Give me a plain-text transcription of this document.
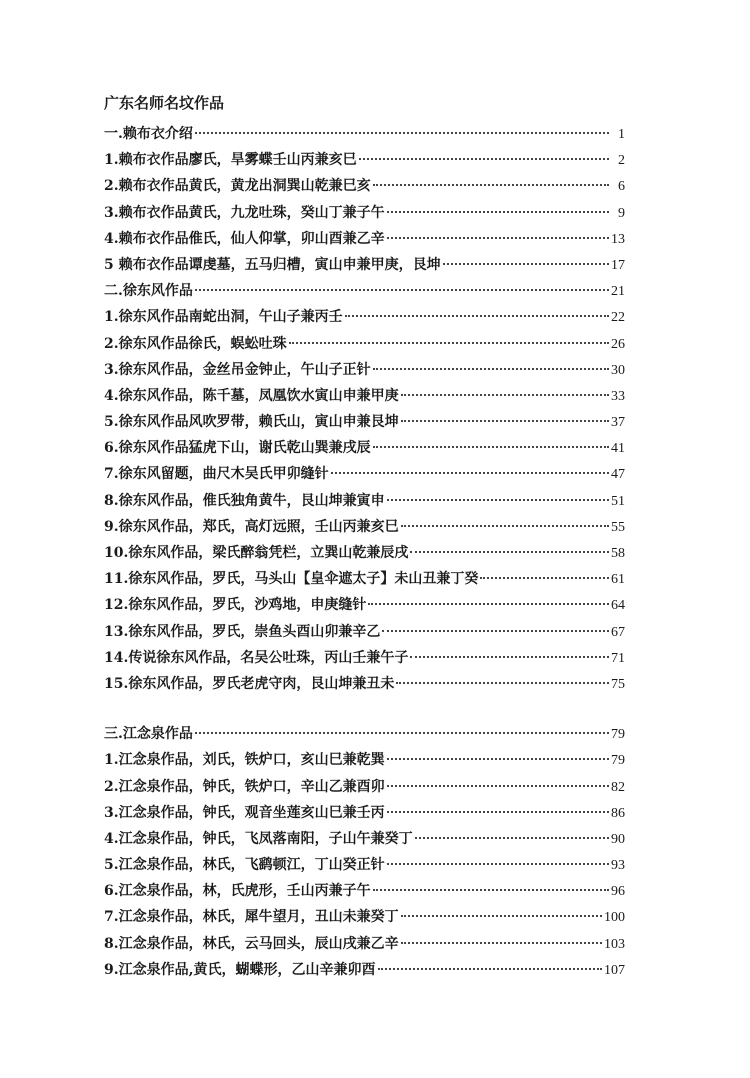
广东名师名坟作品
一.赖布衣介绍	1
1.赖布衣作品廖氏，旱雾蝶壬山丙兼亥巳	2
2.赖布衣作品黄氏，黄龙出洞巽山乾兼巳亥	6
3.赖布衣作品黄氏，九龙吐珠，癸山丁兼子午	9
4.赖布衣作品倠氏，仙人仰掌，卯山酉兼乙辛	13
5 赖布衣作品谭虔墓，五马归槽，寅山申兼甲庚，艮坤	17
二.徐东风作品	21
1.徐东风作品南蛇出洞，午山子兼丙壬	22
2.徐东风作品徐氏，蜈蚣吐珠	26
3.徐东风作品，金丝吊金钟止，午山子正针	30
4.徐东风作品，陈千墓，凤凰饮水寅山申兼甲庚	33
5.徐东风作品风吹罗带，赖氏山，寅山申兼艮坤	37
6.徐东风作品猛虎下山，谢氏乾山巽兼戌辰	41
7.徐东风留题，曲尺木吴氏甲卯缝针	47
8.徐东风作品，倠氏独角黄牛，艮山坤兼寅申	51
9.徐东风作品，郑氏，高灯远照，壬山丙兼亥巳	55
10.徐东风作品，梁氏醉翁凭栏，立巽山乾兼辰戌	58
11.徐东风作品，罗氏，马头山【皇伞遮太子】未山丑兼丁癸	61
12.徐东风作品，罗氏，沙鸡地，申庚缝针	64
13.徐东风作品，罗氏，崇鱼头酉山卯兼辛乙	67
14.传说徐东风作品，名吴公吐珠，丙山壬兼午子	71
15.徐东风作品，罗氏老虎守肉，艮山坤兼丑未	75
三.江念泉作品	79
1.江念泉作品，刘氏，铁炉口，亥山巳兼乾巽	79
2.江念泉作品，钟氏，铁炉口，辛山乙兼酉卯	82
3.江念泉作品，钟氏，观音坐莲亥山巳兼壬丙	86
4.江念泉作品，钟氏，飞凤落南阳，子山午兼癸丁	90
5.江念泉作品，林氏，飞鹞顿江，丁山癸正针	93
6.江念泉作品，林，氏虎形，壬山丙兼子午	96
7.江念泉作品，林氏，犀牛望月，丑山未兼癸丁	100
8.江念泉作品，林氏，云马回头，辰山戌兼乙辛	103
9.江念泉作品,黄氏，蝴蝶形，乙山辛兼卯酉	107
